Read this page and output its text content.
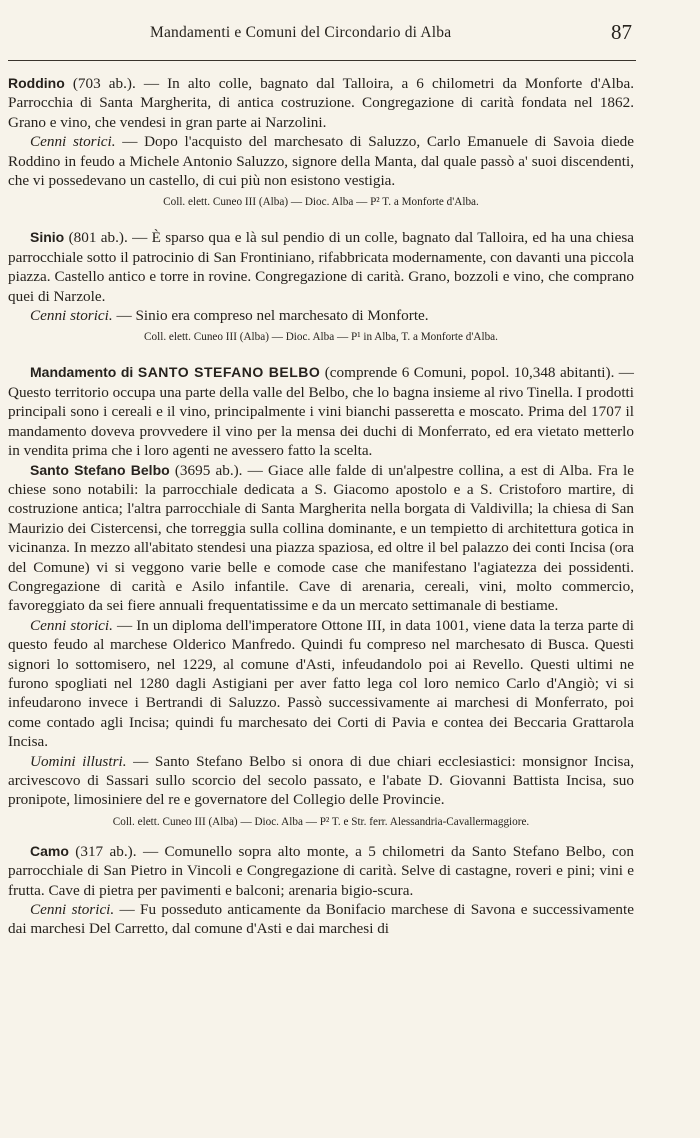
Mandamenti e Comuni del Circondario di Alba	87

Roddino (703 ab.). — In alto colle, bagnato dal Talloira, a 6 chilometri da Monforte d'Alba. Parrocchia di Santa Margherita, di antica costruzione. Congregazione di carità fondata nel 1862. Grano e vino, che vendesi in gran parte ai Narzolini.

Cenni storici. — Dopo l'acquisto del marchesato di Saluzzo, Carlo Emanuele di Savoia diede Roddino in feudo a Michele Antonio Saluzzo, signore della Manta, dal quale passò a' suoi discendenti, che vi possedevano un castello, di cui più non esistono vestigia.

Coll. elett. Cuneo III (Alba) — Dioc. Alba — P² T. a Monforte d'Alba.

Sinio (801 ab.). — È sparso qua e là sul pendio di un colle, bagnato dal Talloira, ed ha una chiesa parrocchiale sotto il patrocinio di San Frontiniano, rifabbricata modernamente, con davanti una piccola piazza. Castello antico e torre in rovine. Congregazione di carità. Grano, bozzoli e vino, che comprano quei di Narzole.

Cenni storici. — Sinio era compreso nel marchesato di Monforte.

Coll. elett. Cuneo III (Alba) — Dioc. Alba — P¹ in Alba, T. a Monforte d'Alba.

Mandamento di SANTO STEFANO BELBO (comprende 6 Comuni, popol. 10,348 abitanti). — Questo territorio occupa una parte della valle del Belbo, che lo bagna insieme al rivo Tinella. I prodotti principali sono i cereali e il vino, principalmente i vini bianchi passeretta e moscato. Prima del 1707 il mandamento doveva provvedere il vino per la mensa dei duchi di Monferrato, ed era vietato metterlo in vendita prima che i loro agenti ne avessero fatto la scelta.

Santo Stefano Belbo (3695 ab.). — Giace alle falde di un'alpestre collina, a est di Alba. Fra le chiese sono notabili: la parrocchiale dedicata a S. Giacomo apostolo e a S. Cristoforo martire, di costruzione antica; l'altra parrocchiale di Santa Margherita nella borgata di Valdivilla; la chiesa di San Maurizio dei Cistercensi, che torreggia sulla collina dominante, e un tempietto di architettura gotica in vicinanza. In mezzo all'abitato stendesi una piazza spaziosa, ed oltre il bel palazzo dei conti Incisa (ora del Comune) vi si veggono varie belle e comode case che manifestano l'agiatezza dei possidenti. Congregazione di carità e Asilo infantile. Cave di arenaria, cereali, vini, molto commercio, favoreggiato da sei fiere annuali frequentatissime e da un mercato settimanale di bestiame.

Cenni storici. — In un diploma dell'imperatore Ottone III, in data 1001, viene data la terza parte di questo feudo al marchese Olderico Manfredo. Quindi fu compreso nel marchesato di Busca. Questi signori lo sottomisero, nel 1229, al comune d'Asti, infeudandolo poi ai Revello. Questi ultimi ne furono spogliati nel 1280 dagli Astigiani per aver fatto lega col loro nemico Carlo d'Angiò; vi si infeudarono invece i Bertrandi di Saluzzo. Passò successivamente ai marchesi di Monferrato, poi come contado agli Incisa; quindi fu marchesato dei Corti di Pavia e contea dei Beccaria Grattarola Incisa.

Uomini illustri. — Santo Stefano Belbo si onora di due chiari ecclesiastici: monsignor Incisa, arcivescovo di Sassari sullo scorcio del secolo passato, e l'abate D. Giovanni Battista Incisa, suo pronipote, limosiniere del re e governatore del Collegio delle Provincie.

Coll. elett. Cuneo III (Alba) — Dioc. Alba — P² T. e Str. ferr. Alessandria-Cavallermaggiore.

Camo (317 ab.). — Comunello sopra alto monte, a 5 chilometri da Santo Stefano Belbo, con parrocchiale di San Pietro in Vincoli e Congregazione di carità. Selve di castagne, roveri e pini; vini e frutta. Cave di pietra per pavimenti e balconi; arenaria bigio-scura.

Cenni storici. — Fu posseduto anticamente da Bonifacio marchese di Savona e successivamente dai marchesi Del Carretto, dal comune d'Asti e dai marchesi di
